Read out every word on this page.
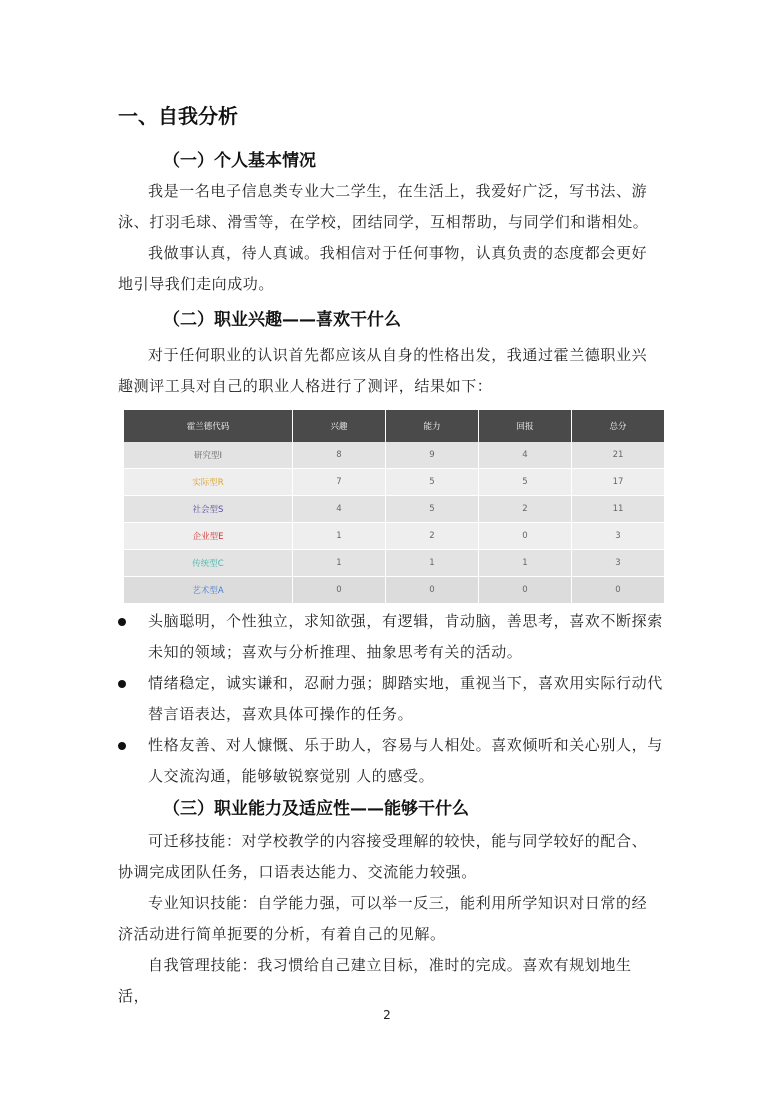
一、自我分析
（一）个人基本情况

我是一名电子信息类专业大二学生，在生活上，我爱好广泛，写书法、游泳、打羽毛球、滑雪等，在学校，团结同学，互相帮助，与同学们和谐相处。

我做事认真，待人真诚。我相信对于任何事物，认真负责的态度都会更好地引导我们走向成功。

（二）职业兴趣——喜欢干什么

对于任何职业的认识首先都应该从自身的性格出发，我通过霍兰德职业兴趣测评工具对自己的职业人格进行了测评，结果如下：

霍兰德代码	兴趣	能力	回报	总分
研究型I	8	9	4	21
实际型R	7	5	5	17
社会型S	4	5	2	11
企业型E	1	2	0	3
传统型C	1	1	1	3
艺术型A	0	0	0	0
头脑聪明，个性独立，求知欲强，有逻辑，肯动脑，善思考，喜欢不断探索未知的领域；喜欢与分析推理、抽象思考有关的活动。
情绪稳定，诚实谦和，忍耐力强；脚踏实地，重视当下，喜欢用实际行动代替言语表达，喜欢具体可操作的任务。
性格友善、对人慷慨、乐于助人，容易与人相处。喜欢倾听和关心别人，与人交流沟通，能够敏锐察觉别 人的感受。
（三）职业能力及适应性——能够干什么

可迁移技能：对学校教学的内容接受理解的较快，能与同学较好的配合、协调完成团队任务，口语表达能力、交流能力较强。

专业知识技能：自学能力强，可以举一反三，能利用所学知识对日常的经济活动进行简单扼要的分析，有着自己的见解。

自我管理技能：我习惯给自己建立目标，准时的完成。喜欢有规划地生活，

2
